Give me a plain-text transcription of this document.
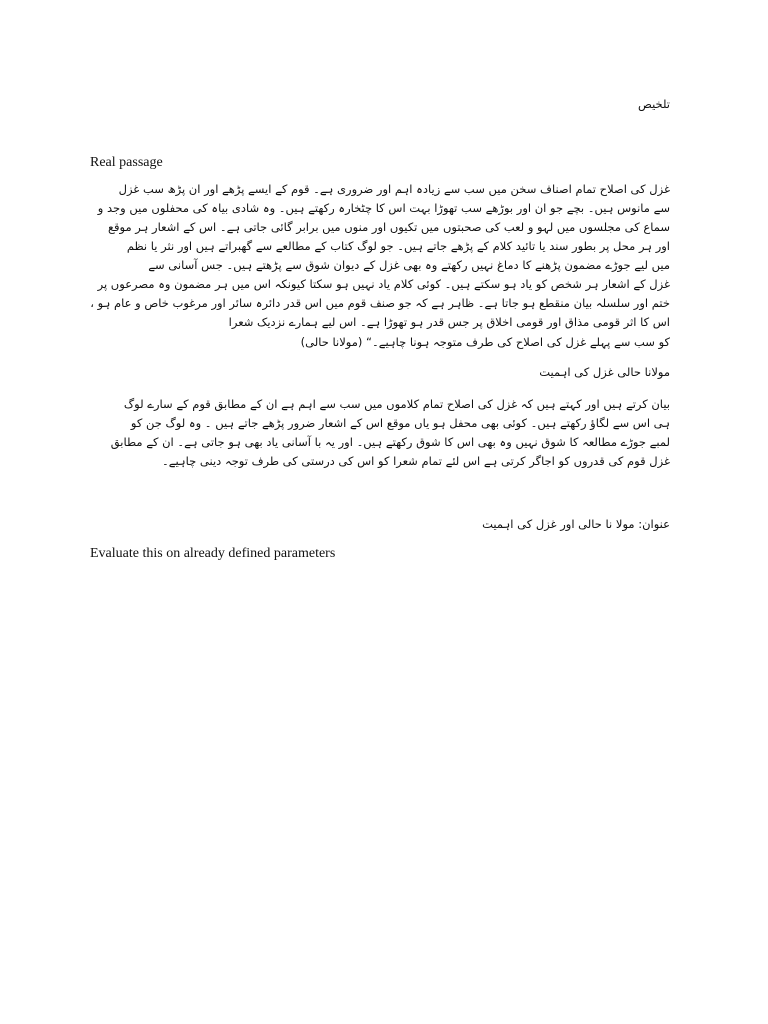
تلخیص

Real passage

غزل کی اصلاح تمام اصناف سخن میں سب سے زیادہ اہم اور ضروری ہے۔ قوم کے ایسے پڑھے اور ان پڑھ سب غزل
سے مانوس ہیں۔ بچے جو ان اور بوڑھے سب تھوڑا بہت اس کا چٹخارہ رکھتے ہیں۔ وہ شادی بیاہ کی محفلوں میں وجد و
سماع کی مجلسوں میں لہو و لعب کی صحبتوں میں تکیوں اور منوں میں برابر گائی جاتی ہے۔ اس کے اشعار ہر موقع
اور ہر محل پر بطور سند یا تائید کلام کے پڑھے جاتے ہیں۔ جو لوگ کتاب کے مطالعے سے گھبراتے ہیں اور نثر یا نظم
میں لیے جوڑے مضمون پڑھنے کا دماغ نہیں رکھتے وہ بھی غزل کے دیوان شوق سے پڑھتے ہیں۔ جس آسانی سے
غزل کے اشعار ہر شخص کو یاد ہو سکتے ہیں۔ کوئی کلام یاد نہیں ہو سکتا کیونکہ اس میں ہر مضمون وہ مصرعوں پر
ختم اور سلسلہ بیان منقطع ہو جاتا ہے۔ ظاہر ہے کہ جو صنف قوم میں اس قدر دائرہ سائر اور مرغوب خاص و عام ہو ،
اس کا اثر قومی مذاق اور قومی اخلاق پر جس قدر ہو تھوڑا ہے۔ اس لیے ہمارے نزدیک شعرا

کو سب سے پہلے غزل کی اصلاح کی طرف متوجہ ہونا چاہیے۔“ (مولانا حالی)

مولانا حالی غزل کی اہمیت

بیان کرتے ہیں اور کہتے ہیں کہ غزل کی اصلاح تمام کلاموں میں سب سے اہم ہے ان کے مطابق قوم کے سارے لوگ
ہی اس سے لگاؤ رکھتے ہیں۔ کوئی بھی محفل ہو یاں موقع اس کے اشعار ضرور پڑھے جاتے ہیں ۔ وہ لوگ جن کو
لمبے جوڑے مطالعہ کا شوق نہیں وہ بھی اس کا شوق رکھتے ہیں۔ اور یہ با آسانی یاد بھی ہو جاتی ہے۔ ان کے مطابق
غزل قوم کی قدروں کو اجاگر کرتی ہے اس لئے تمام شعرا کو اس کی درستی کی طرف توجہ دینی چاہیے۔

عنوان: مولا نا حالی اور غزل کی اہمیت

Evaluate this on already defined parameters
